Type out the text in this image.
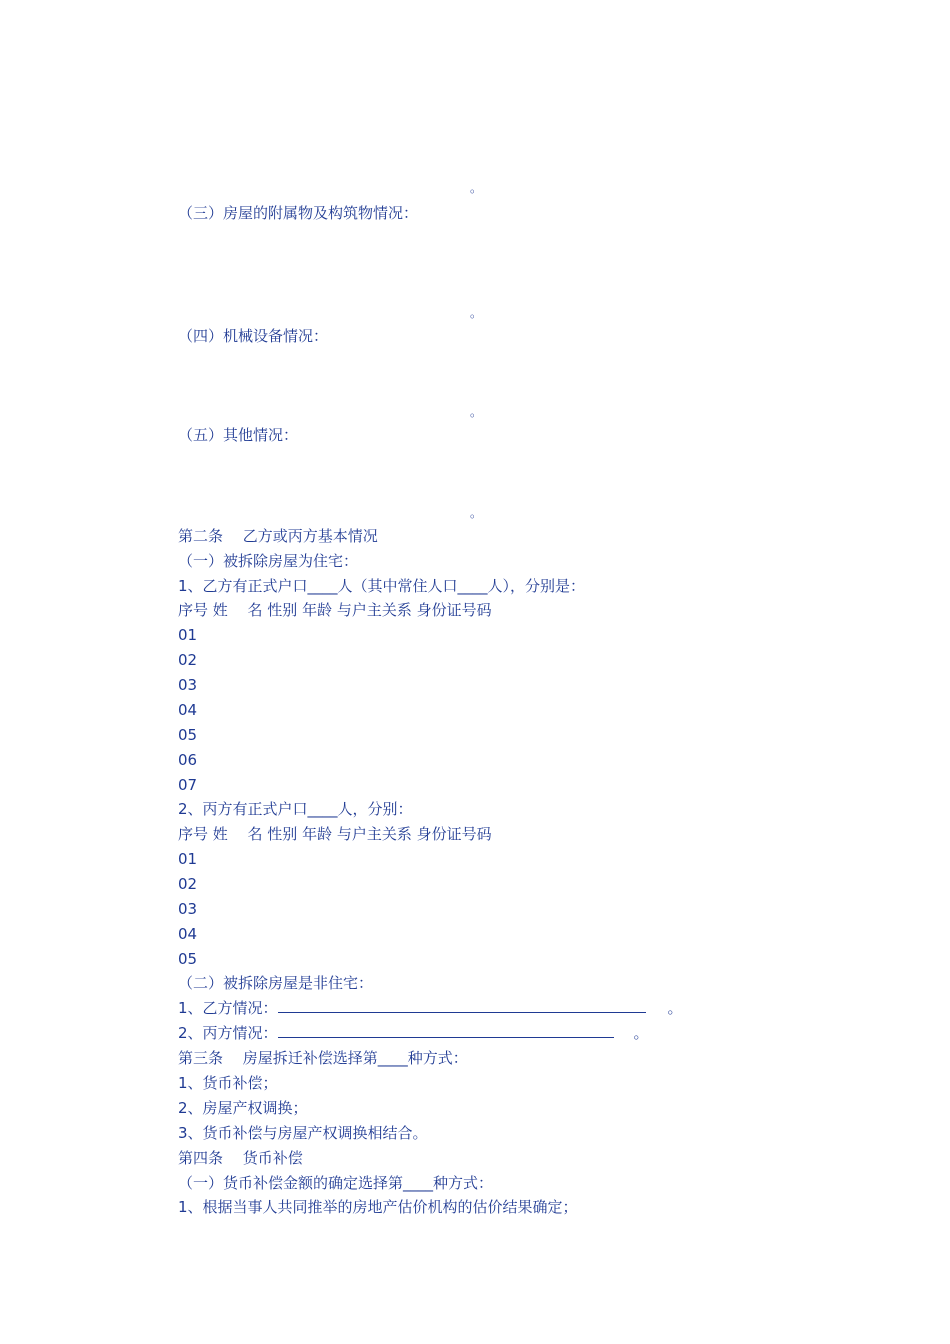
。
（三）房屋的附属物及构筑物情况：
。
（四）机械设备情况：
。
（五）其他情况：
。
第二条　 乙方或丙方基本情况
（一）被拆除房屋为住宅：
1、乙方有正式户口____人（其中常住人口____人），分别是：
序号 姓　 名 性别 年龄 与户主关系 身份证号码
01
02
03
04
05
06
07
2、丙方有正式户口____人，分别：
序号 姓　 名 性别 年龄 与户主关系 身份证号码
01
02
03
04
05
（二）被拆除房屋是非住宅：
1、乙方情况：	。
2、丙方情况：	。
第三条　 房屋拆迁补偿选择第____种方式：
1、货币补偿；
2、房屋产权调换；
3、货币补偿与房屋产权调换相结合。
第四条　 货币补偿
（一）货币补偿金额的确定选择第____种方式：
1、根据当事人共同推举的房地产估价机构的估价结果确定；
